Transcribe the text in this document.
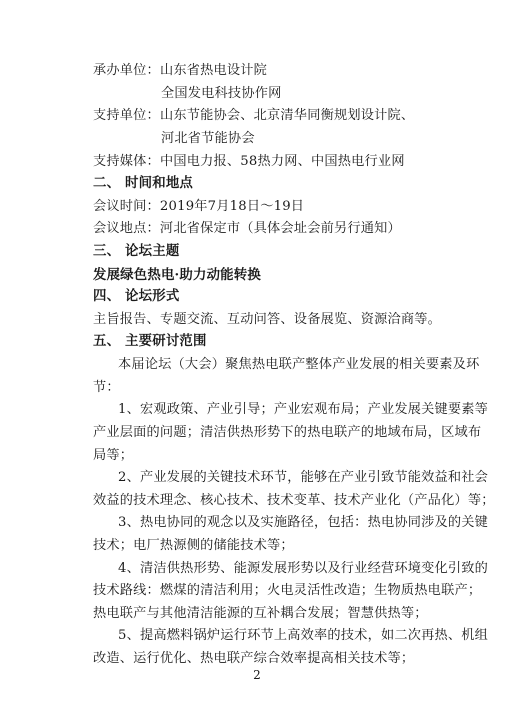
承办单位：山东省热电设计院
全国发电科技协作网
支持单位：山东节能协会、北京清华同衡规划设计院、
河北省节能协会
支持媒体：中国电力报、58热力网、中国热电行业网
二、 时间和地点
会议时间：2019年7月18日～19日
会议地点：河北省保定市（具体会址会前另行通知）
三、 论坛主题
发展绿色热电·助力动能转换
四、 论坛形式
主旨报告、专题交流、互动问答、设备展览、资源洽商等。
五、 主要研讨范围
本届论坛（大会）聚焦热电联产整体产业发展的相关要素及环
节：
1、宏观政策、产业引导；产业宏观布局；产业发展关键要素等
产业层面的问题；清洁供热形势下的热电联产的地域布局，区域布
局等；
2、产业发展的关键技术环节，能够在产业引致节能效益和社会
效益的技术理念、核心技术、技术变革、技术产业化（产品化）等；
3、热电协同的观念以及实施路径，包括：热电协同涉及的关键
技术；电厂热源侧的储能技术等；
4、清洁供热形势、能源发展形势以及行业经营环境变化引致的
技术路线：燃煤的清洁利用；火电灵活性改造；生物质热电联产；
热电联产与其他清洁能源的互补耦合发展；智慧供热等；
5、提高燃料锅炉运行环节上高效率的技术，如二次再热、机组
改造、运行优化、热电联产综合效率提高相关技术等；
2
